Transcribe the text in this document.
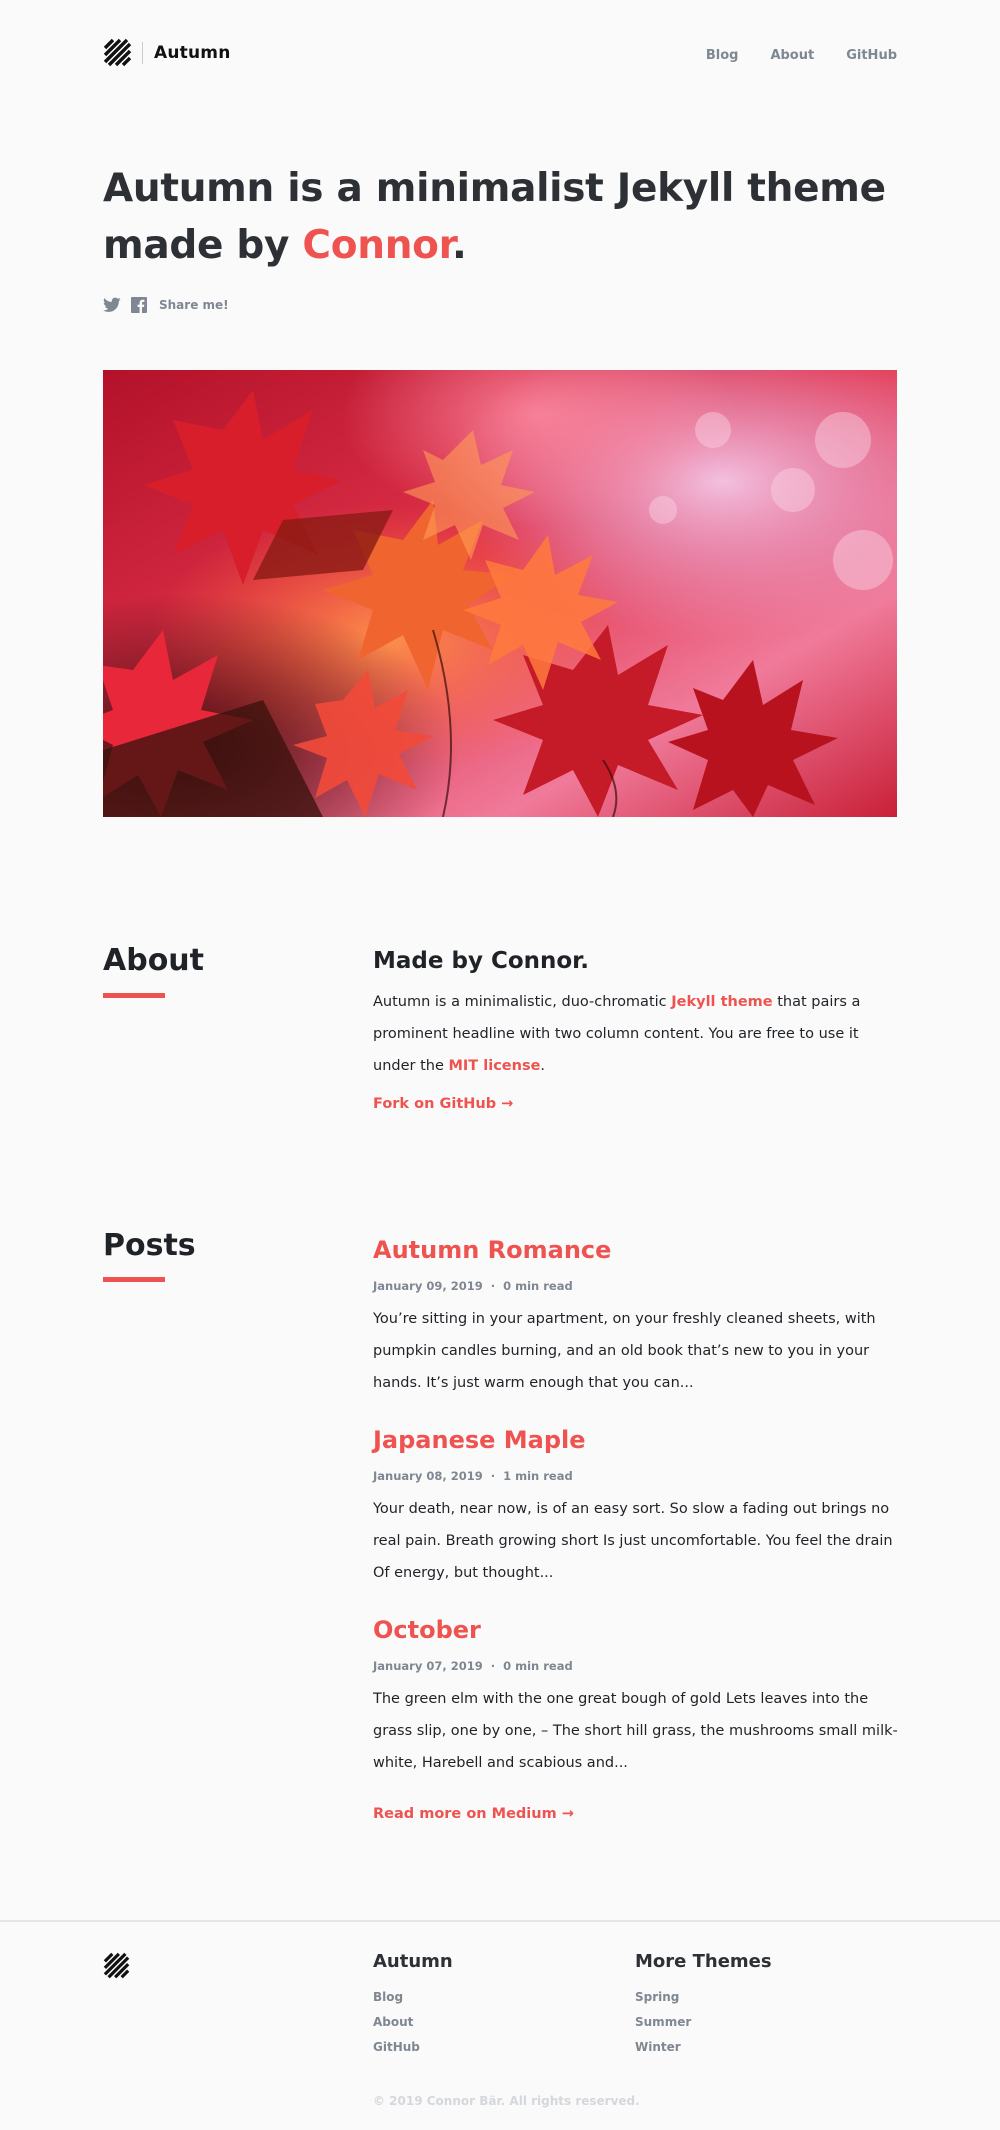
Autumn	Blog About GitHub
Autumn is a minimalist Jekyll theme made by Connor.
Share me!
About	Made by Connor.

Autumn is a minimalistic, duo-chromatic Jekyll theme that pairs a prominent headline with two column content. You are free to use it under the MIT license.

Fork on GitHub →
Posts	Autumn Romance
January 09, 2019 · 0 min read

You’re sitting in your apartment, on your freshly cleaned sheets, with pumpkin candles burning, and an old book that’s new to you in your hands. It’s just warm enough that you can...

Japanese Maple
January 08, 2019 · 1 min read

Your death, near now, is of an easy sort. So slow a fading out brings no real pain. Breath growing short Is just uncomfortable. You feel the drain Of energy, but thought...

October
January 07, 2019 · 0 min read

The green elm with the one great bough of gold Lets leaves into the grass slip, one by one, – The short hill grass, the mushrooms small milk-white, Harebell and scabious and...

Read more on Medium →
Autumn
Blog
About
GitHub
More Themes
Spring
Summer
Winter
© 2019 Connor Bär. All rights reserved.
